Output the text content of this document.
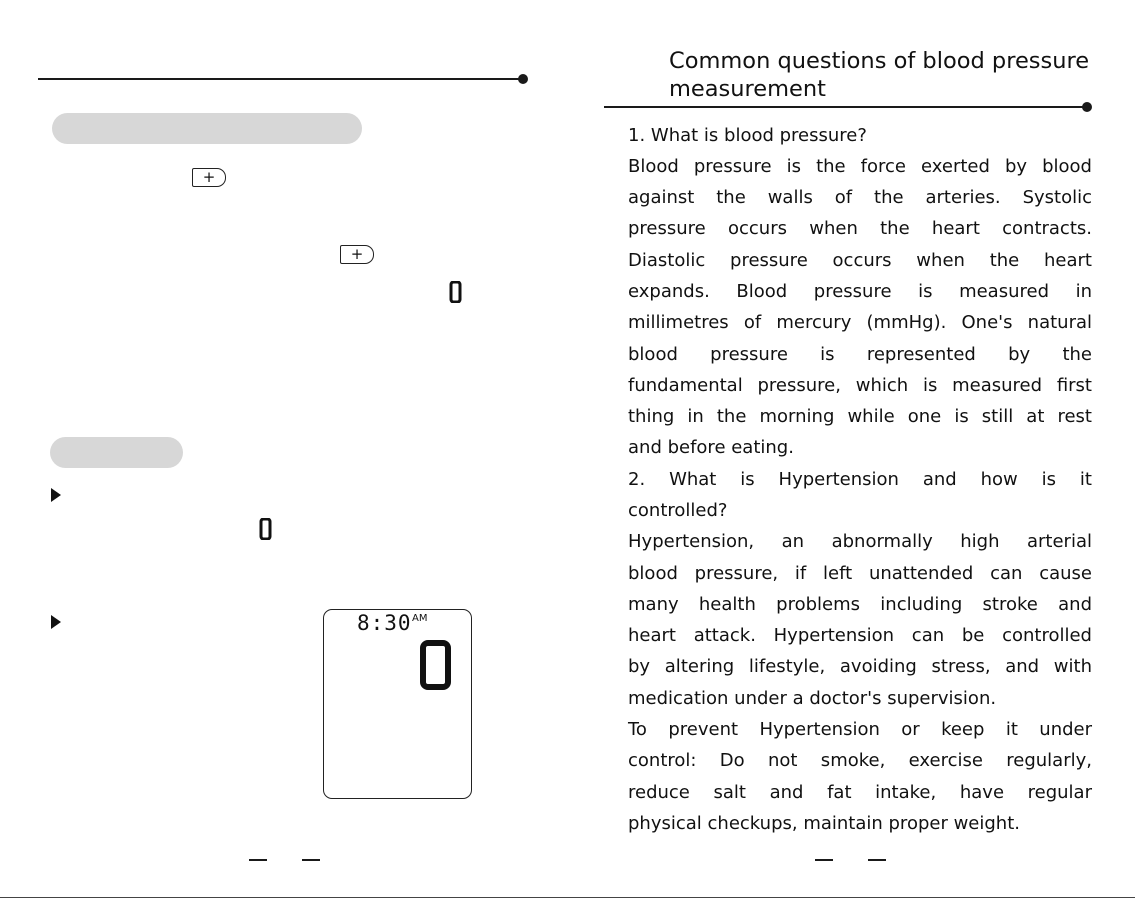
+
+
8:30 AM
Common questions of blood pressure
measurement
1. What is blood pressure?
Blood pressure is the force exerted by blood
against the walls of the arteries. Systolic
pressure occurs when the heart contracts.
Diastolic pressure occurs when the heart
expands. Blood pressure is measured in
millimetres of mercury (mmHg). One's natural
blood pressure is represented by the
fundamental pressure, which is measured first
thing in the morning while one is still at rest
and before eating.
2. What is Hypertension and how is it
controlled?
Hypertension, an abnormally high arterial
blood pressure, if left unattended can cause
many health problems including stroke and
heart attack. Hypertension can be controlled
by altering lifestyle, avoiding stress, and with
medication under a doctor's supervision.
To prevent Hypertension or keep it under
control: Do not smoke, exercise regularly,
reduce salt and fat intake, have regular
physical checkups, maintain proper weight.
